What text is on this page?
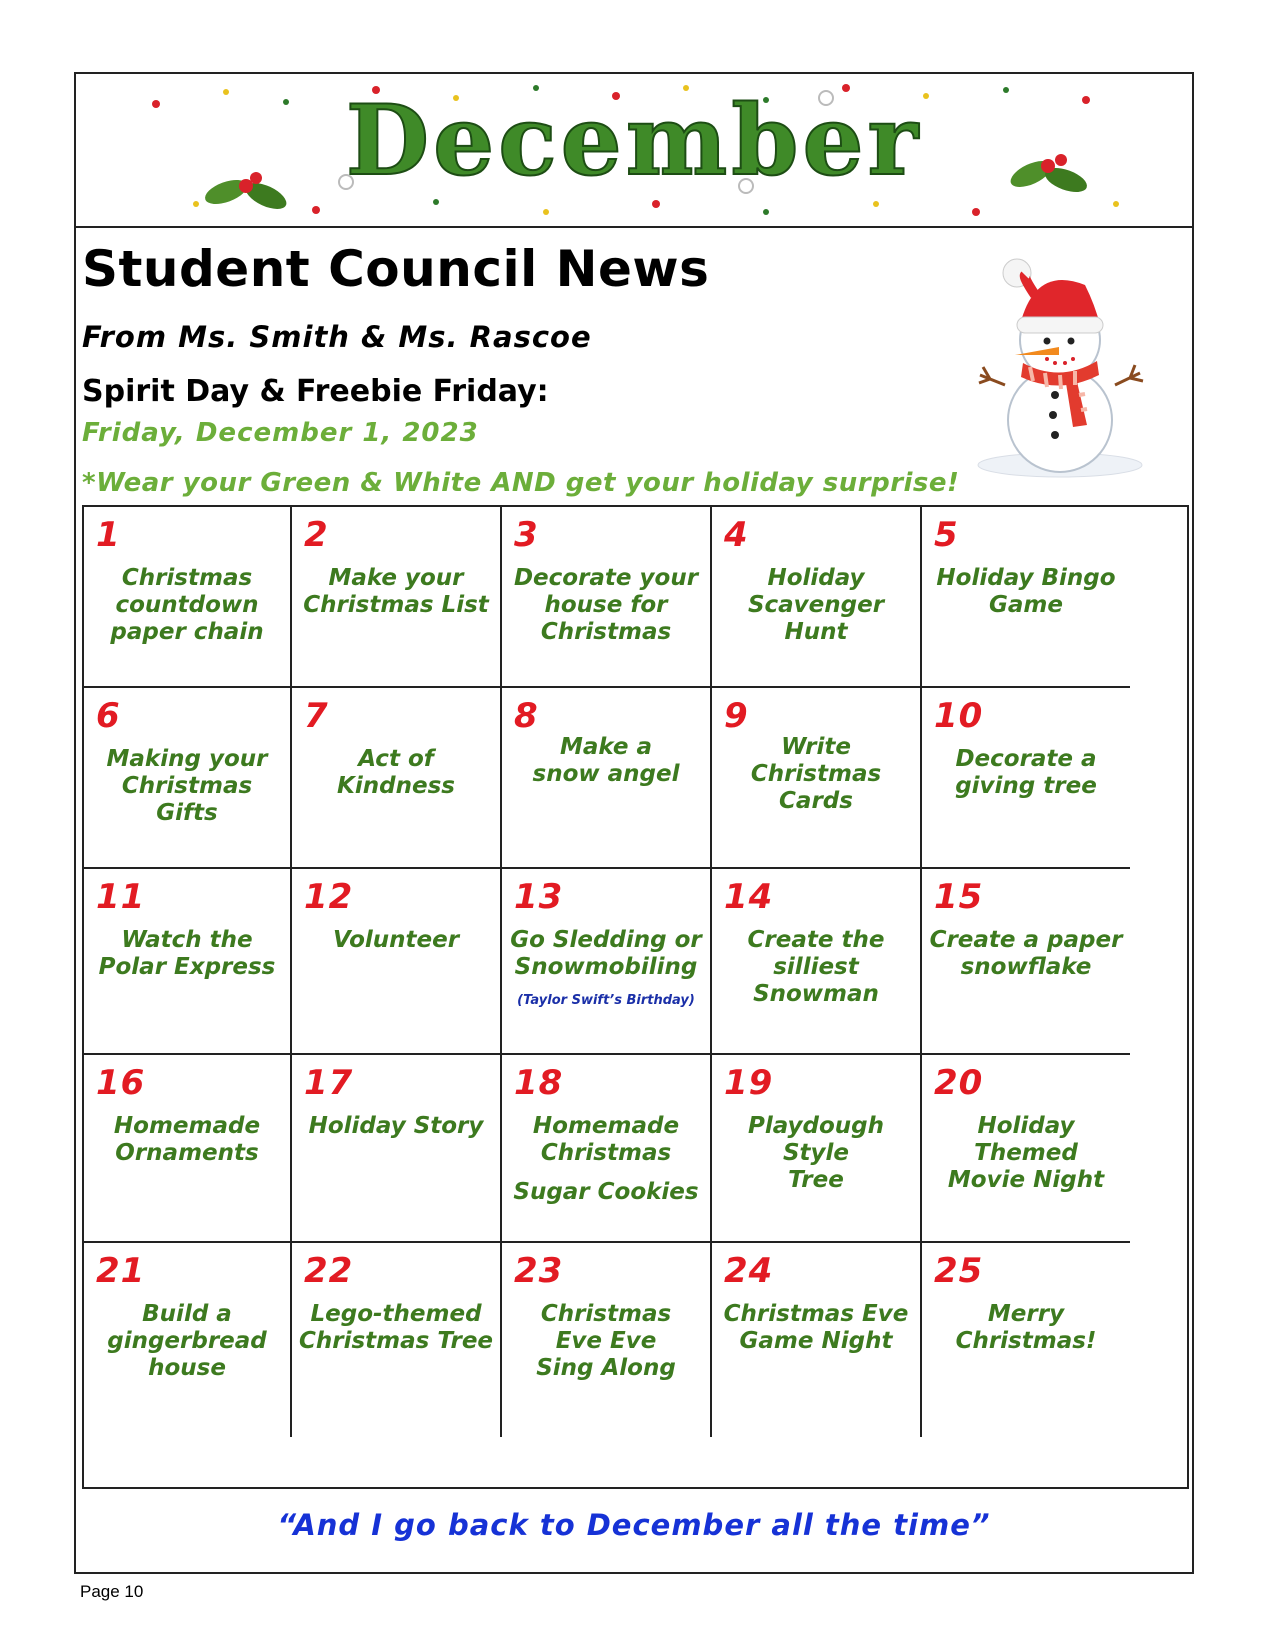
December
Student Council News
From Ms. Smith & Ms. Rascoe
Spirit Day & Freebie Friday:
Friday, December 1, 2023
*Wear your Green & White AND get your holiday surprise!
1
Christmas
countdown
paper chain
2
Make your
Christmas List
3
Decorate your
house for
Christmas
4
Holiday
Scavenger Hunt
5
Holiday Bingo
Game
6
Making your
Christmas Gifts
7
Act of Kindness
8
Make a
snow angel
9
Write
Christmas Cards
10
Decorate a
giving tree
11
Watch the
Polar Express
12
Volunteer
13
Go Sledding or
Snowmobiling
(Taylor Swift’s Birthday)
14
Create the
silliest Snowman
15
Create a paper
snowflake
16
Homemade
Ornaments
17
Holiday Story
18
Homemade
Christmas
Sugar Cookies
19
Playdough Style
Tree
20
Holiday Themed
Movie Night
21
Build a
gingerbread
house
22
Lego-themed
Christmas Tree
23
Christmas
Eve Eve
Sing Along
24
Christmas Eve
Game Night
25
Merry
Christmas!
“And I go back to December all the time”
Page 10
